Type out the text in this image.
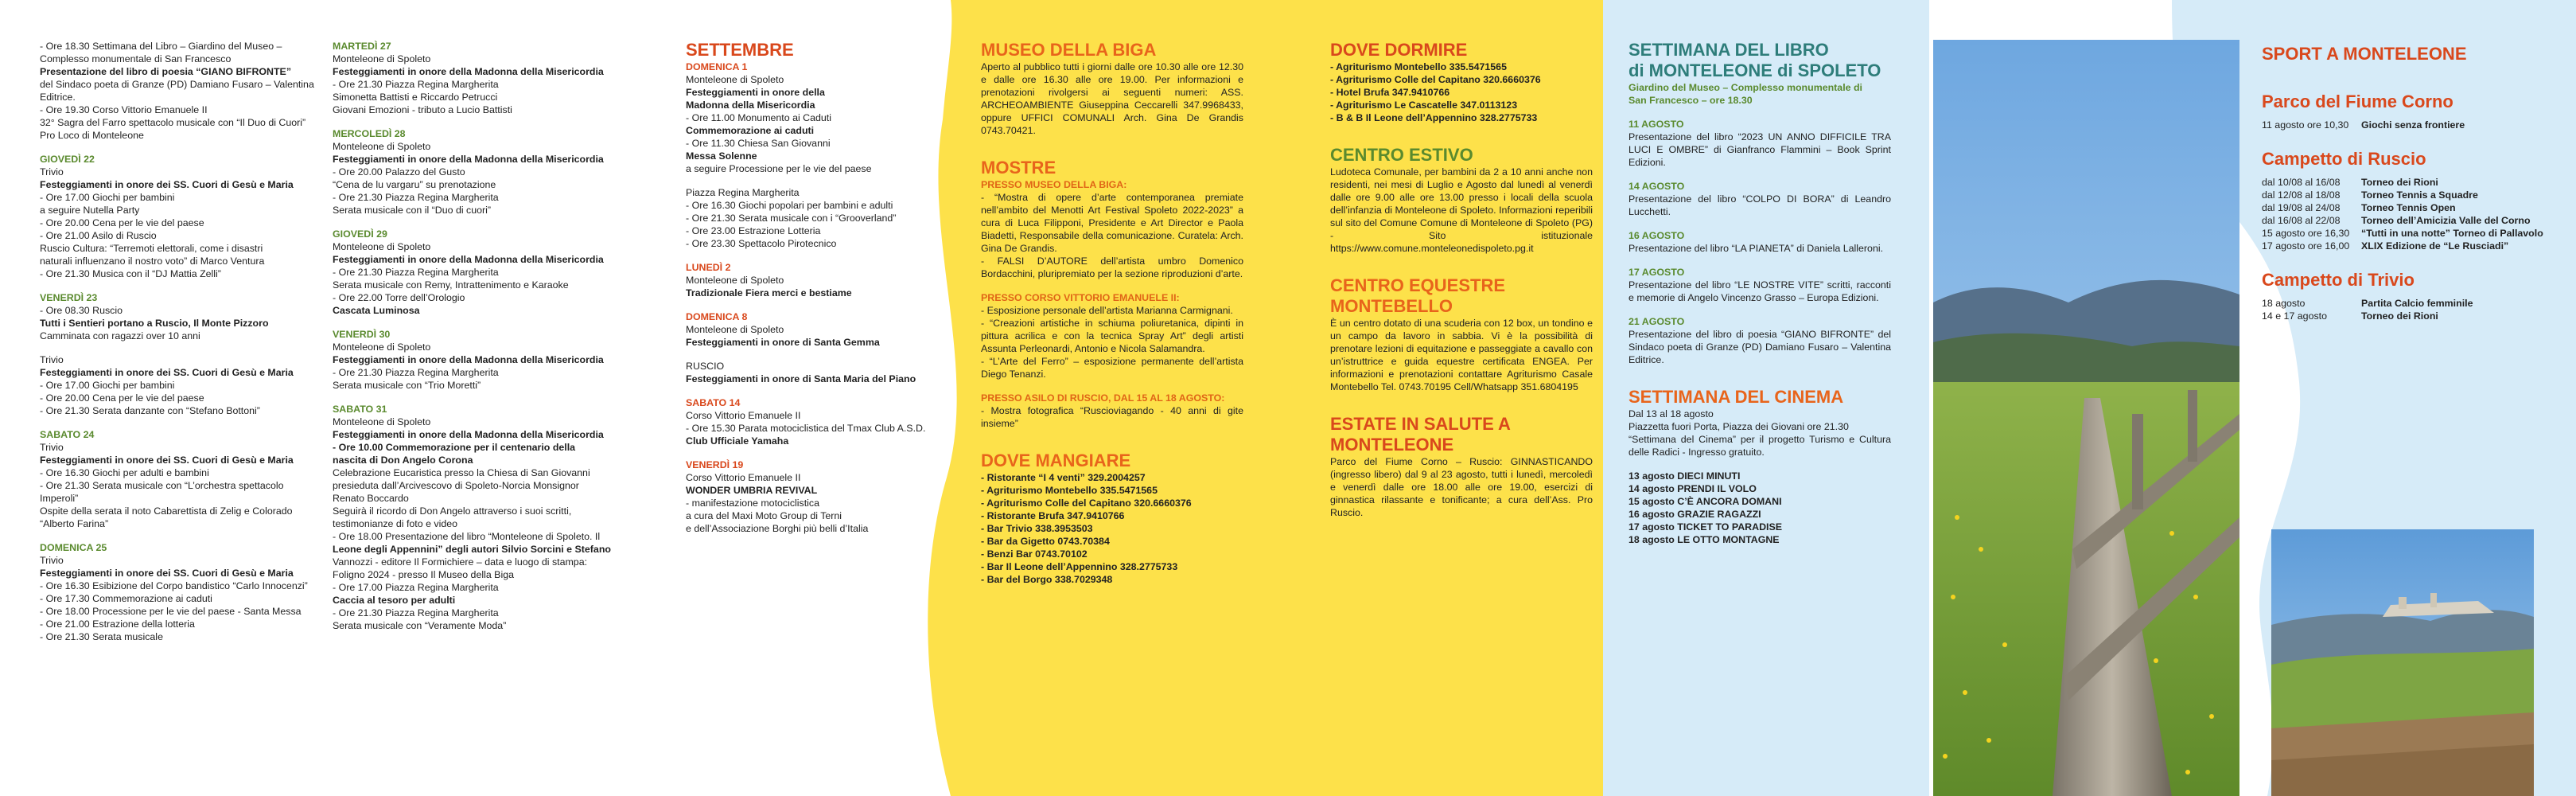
- Ore 18.30 Settimana del Libro – Giardino del Museo –
Complesso monumentale di San Francesco
Presentazione del libro di poesia “GIANO BIFRONTE”
del Sindaco poeta di Granze (PD) Damiano Fusaro – Valentina
Editrice.
- Ore 19.30 Corso Vittorio Emanuele II
32° Sagra del Farro spettacolo musicale con “Il Duo di Cuori”
Pro Loco di Monteleone
GIOVEDÌ 22
Trivio
Festeggiamenti in onore dei SS. Cuori di Gesù e Maria
- Ore 17.00 Giochi per bambini
a seguire Nutella Party
- Ore 20.00 Cena per le vie del paese
- Ore 21.00 Asilo di Ruscio
Ruscio Cultura: “Terremoti elettorali, come i disastri
naturali influenzano il nostro voto” di Marco Ventura
- Ore 21.30 Musica con il “DJ Mattia Zelli”
VENERDÌ 23
- Ore 08.30 Ruscio
Tutti i Sentieri portano a Ruscio, Il Monte Pizzoro
Camminata con ragazzi over 10 anni
Trivio
Festeggiamenti in onore dei SS. Cuori di Gesù e Maria
- Ore 17.00 Giochi per bambini
- Ore 20.00 Cena per le vie del paese
- Ore 21.30 Serata danzante con “Stefano Bottoni”
SABATO 24
Trivio
Festeggiamenti in onore dei SS. Cuori di Gesù e Maria
- Ore 16.30 Giochi per adulti e bambini
- Ore 21.30 Serata musicale con “L’orchestra spettacolo
Imperoli”
Ospite della serata il noto Cabarettista di Zelig e Colorado
“Alberto Farina”
DOMENICA 25
Trivio
Festeggiamenti in onore dei SS. Cuori di Gesù e Maria
- Ore 16.30 Esibizione del Corpo bandistico “Carlo Innocenzi”
- Ore 17.30 Commemorazione ai caduti
- Ore 18.00 Processione per le vie del paese - Santa Messa
- Ore 21.00 Estrazione della lotteria
- Ore 21.30 Serata musicale
MARTEDÌ 27
Monteleone di Spoleto
Festeggiamenti in onore della Madonna della Misericordia
- Ore 21.30 Piazza Regina Margherita
Simonetta Battisti e Riccardo Petrucci
Giovani Emozioni - tributo a Lucio Battisti
MERCOLEDÌ 28
Monteleone di Spoleto
Festeggiamenti in onore della Madonna della Misericordia
- Ore 20.00 Palazzo del Gusto
“Cena de lu vargaru” su prenotazione
- Ore 21.30 Piazza Regina Margherita
Serata musicale con il “Duo di cuori”
GIOVEDÌ 29
Monteleone di Spoleto
Festeggiamenti in onore della Madonna della Misericordia
- Ore 21.30 Piazza Regina Margherita
Serata musicale con Remy, Intrattenimento e Karaoke
- Ore 22.00 Torre dell’Orologio
Cascata Luminosa
VENERDÌ 30
Monteleone di Spoleto
Festeggiamenti in onore della Madonna della Misericordia
- Ore 21.30 Piazza Regina Margherita
Serata musicale con “Trio Moretti”
SABATO 31
Monteleone di Spoleto
Festeggiamenti in onore della Madonna della Misericordia
- Ore 10.00 Commemorazione per il centenario della
nascita di Don Angelo Corona
Celebrazione Eucaristica presso la Chiesa di San Giovanni
presieduta dall’Arcivescovo di Spoleto-Norcia Monsignor
Renato Boccardo
Seguirà il ricordo di Don Angelo attraverso i suoi scritti,
testimonianze di foto e video
- Ore 18.00 Presentazione del libro “Monteleone di Spoleto. Il
Leone degli Appennini” degli autori Silvio Sorcini e Stefano
Vannozzi - editore Il Formichiere – data e luogo di stampa:
Foligno 2024 - presso Il Museo della Biga
- Ore 17.00 Piazza Regina Margherita
Caccia al tesoro per adulti
- Ore 21.30 Piazza Regina Margherita
Serata musicale con “Veramente Moda”
SETTEMBRE
DOMENICA 1
Monteleone di Spoleto
Festeggiamenti in onore della
Madonna della Misericordia
- Ore 11.00 Monumento ai Caduti
Commemorazione ai caduti
- Ore 11.30 Chiesa San Giovanni
Messa Solenne
a seguire Processione per le vie del paese
Piazza Regina Margherita
- Ore 16.30 Giochi popolari per bambini e adulti
- Ore 21.30 Serata musicale con i “Grooverland”
- Ore 23.00 Estrazione Lotteria
- Ore 23.30 Spettacolo Pirotecnico
LUNEDÌ 2
Monteleone di Spoleto
Tradizionale Fiera merci e bestiame
DOMENICA 8
Monteleone di Spoleto
Festeggiamenti in onore di Santa Gemma
RUSCIO
Festeggiamenti in onore di Santa Maria del Piano
SABATO 14
Corso Vittorio Emanuele II
- Ore 15.30 Parata motociclistica del Tmax Club A.S.D.
Club Ufficiale Yamaha
VENERDÌ 19
Corso Vittorio Emanuele II
WONDER UMBRIA REVIVAL
- manifestazione motociclistica
a cura del Maxi Moto Group di Terni
e dell’Associazione Borghi più belli d’Italia
MUSEO DELLA BIGA
Aperto al pubblico tutti i giorni dalle ore 10.30 alle ore 12.30 e dalle ore 16.30 alle ore 19.00. Per informazioni e prenotazioni rivolgersi ai seguenti numeri: ASS. ARCHEOAMBIENTE Giuseppina Ceccarelli 347.9968433, oppure UFFICI COMUNALI Arch. Gina De Grandis 0743.70421.
MOSTRE
PRESSO MUSEO DELLA BIGA:
- “Mostra di opere d’arte contemporanea premiate nell’ambito del Menotti Art Festival Spoleto 2022-2023” a cura di Luca Filipponi, Presidente e Art Director e Paola Biadetti, Responsabile della comunicazione. Curatela: Arch. Gina De Grandis.
- FALSI D’AUTORE dell’artista umbro Domenico Bordacchini, pluripremiato per la sezione riproduzioni d’arte.
PRESSO CORSO VITTORIO EMANUELE II:
- Esposizione personale dell’artista Marianna Carmignani.
- “Creazioni artistiche in schiuma poliuretanica, dipinti in pittura acrilica e con la tecnica Spray Art” degli artisti Assunta Perleonardi, Antonio e Nicola Salamandra.
- “L’Arte del Ferro” – esposizione permanente dell’artista Diego Tenanzi.
PRESSO ASILO DI RUSCIO, DAL 15 AL 18 AGOSTO:
- Mostra fotografica “Ruscioviagando - 40 anni di gite insieme”
DOVE MANGIARE
- Ristorante “I 4 venti” 329.2004257
- Agriturismo Montebello 335.5471565
- Agriturismo Colle del Capitano 320.6660376
- Ristorante Brufa 347.9410766
- Bar Trivio 338.3953503
- Bar da Gigetto 0743.70384
- Benzi Bar 0743.70102
- Bar Il Leone dell’Appennino 328.2775733
- Bar del Borgo 338.7029348
DOVE DORMIRE
- Agriturismo Montebello 335.5471565
- Agriturismo Colle del Capitano 320.6660376
- Hotel Brufa 347.9410766
- Agriturismo Le Cascatelle 347.0113123
- B & B Il Leone dell’Appennino 328.2775733
CENTRO ESTIVO
Ludoteca Comunale, per bambini da 2 a 10 anni anche non residenti, nei mesi di Luglio e Agosto dal lunedì al venerdì dalle ore 9.00 alle ore 13.00 presso i locali della scuola dell’infanzia di Monteleone di Spoleto. Informazioni reperibili sul sito del Comune Comune di Monteleone di Spoleto (PG) - Sito istituzionale https://www.comune.monteleonedispoleto.pg.it
CENTRO EQUESTRE MONTEBELLO
È un centro dotato di una scuderia con 12 box, un tondino e un campo da lavoro in sabbia. Vi è la possibilità di prenotare lezioni di equitazione e passeggiate a cavallo con un’istruttrice e guida equestre certificata ENGEA. Per informazioni e prenotazioni contattare Agriturismo Casale Montebello Tel. 0743.70195 Cell/Whatsapp 351.6804195
ESTATE IN SALUTE A MONTELEONE
Parco del Fiume Corno – Ruscio: GINNASTICANDO (ingresso libero) dal 9 al 23 agosto, tutti i lunedì, mercoledì e venerdì dalle ore 18.00 alle ore 19.00, esercizi di ginnastica rilassante e tonificante; a cura dell’Ass. Pro Ruscio.
SETTIMANA DEL LIBRO
di MONTELEONE di SPOLETO
Giardino del Museo – Complesso monumentale di
San Francesco – ore 18.30
11 AGOSTO
Presentazione del libro “2023 UN ANNO DIFFICILE TRA LUCI E OMBRE” di Gianfranco Flammini – Book Sprint Edizioni.
14 AGOSTO
Presentazione del libro “COLPO DI BORA” di Leandro Lucchetti.
16 AGOSTO
Presentazione del libro “LA PIANETA” di Daniela Lalleroni.
17 AGOSTO
Presentazione del libro “LE NOSTRE VITE” scritti, racconti e memorie di Angelo Vincenzo Grasso – Europa Edizioni.
21 AGOSTO
Presentazione del libro di poesia “GIANO BIFRONTE” del Sindaco poeta di Granze (PD) Damiano Fusaro – Valentina Editrice.
SETTIMANA DEL CINEMA
Dal 13 al 18 agosto
Piazzetta fuori Porta, Piazza dei Giovani ore 21.30
“Settimana del Cinema” per il progetto Turismo e Cultura delle Radici - Ingresso gratuito.
13 agosto DIECI MINUTI
14 agosto PRENDI IL VOLO
15 agosto C’È ANCORA DOMANI
16 agosto GRAZIE RAGAZZI
17 agosto TICKET TO PARADISE
18 agosto LE OTTO MONTAGNE
SPORT A MONTELEONE
Parco del Fiume Corno
11 agosto ore 10,30 Giochi senza frontiere
Campetto di Ruscio
dal 10/08 al 16/08 Torneo dei Rioni
dal 12/08 al 18/08 Torneo Tennis a Squadre
dal 19/08 al 24/08 Torneo Tennis Open
dal 16/08 al 22/08 Torneo dell’Amicizia Valle del Corno
15 agosto ore 16,30 “Tutti in una notte” Torneo di Pallavolo
17 agosto ore 16,00 XLIX Edizione de “Le Rusciadi”
Campetto di Trivio
18 agosto	Partita Calcio femminile
14 e 17 agosto	Torneo dei Rioni
